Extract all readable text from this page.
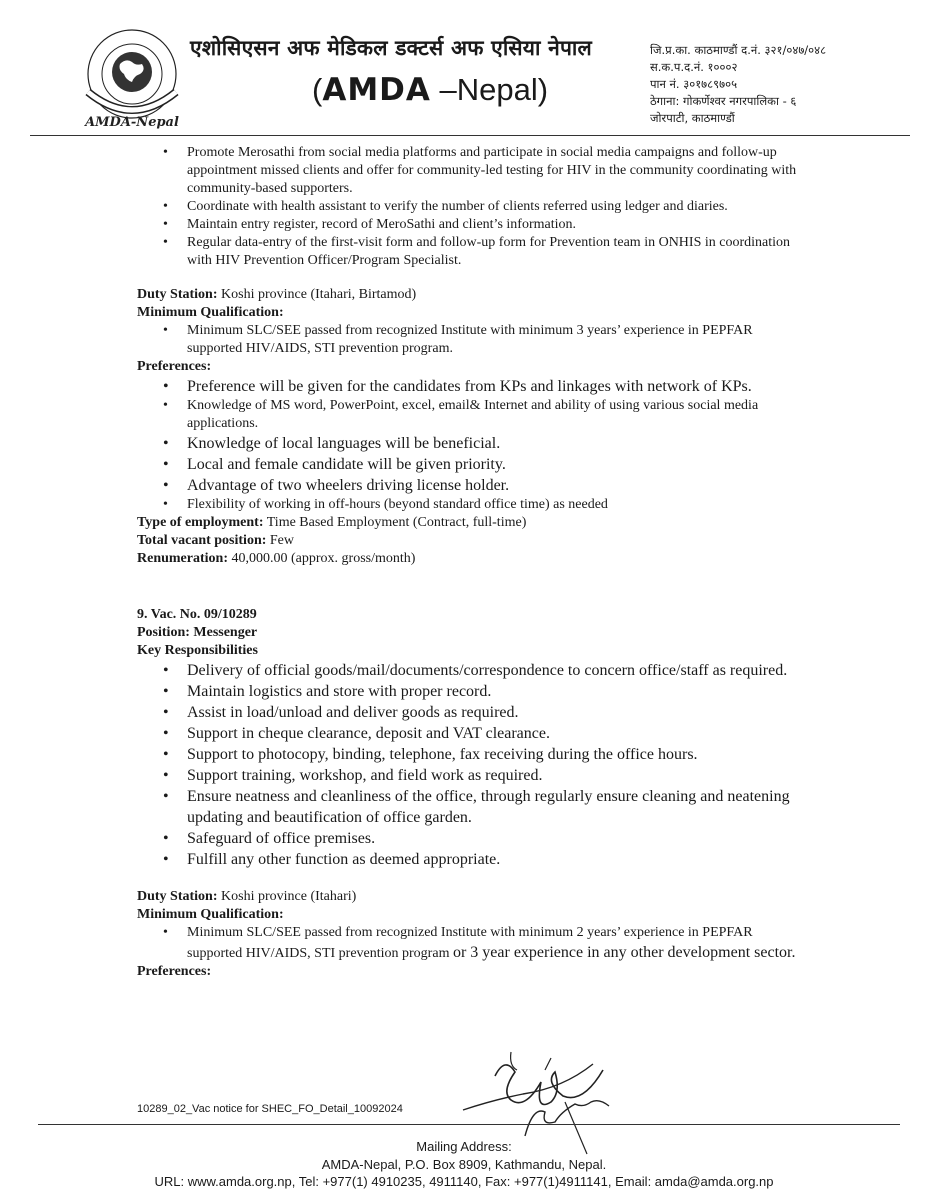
AMDA-Nepal
एशोसिएसन अफ मेडिकल डक्टर्स अफ एसिया नेपाल
(AMDA –Nepal)
जि.प्र.का. काठमाण्डौं द.नं. ३२१/०४७/०४८
स.क.प.द.नं. १०००२
पान नं. ३०१७८९७०५
ठेगाना: गोकर्णेश्वर नगरपालिका - ६
जोरपाटी, काठमाण्डौं
• Promote Merosathi from social media platforms and participate in social media campaigns and follow-up appointment missed clients and offer for community-led testing for HIV in the community coordinating with community-based supporters.
• Coordinate with health assistant to verify the number of clients referred using ledger and diaries.
• Maintain entry register, record of MeroSathi and client’s information.
• Regular data-entry of the first-visit form and follow-up form for Prevention team in ONHIS in coordination with HIV Prevention Officer/Program Specialist.
Duty Station: Koshi province (Itahari, Birtamod)
Minimum Qualification:
• Minimum SLC/SEE passed from recognized Institute with minimum 3 years’ experience in PEPFAR supported HIV/AIDS, STI prevention program.
Preferences:
• Preference will be given for the candidates from KPs and linkages with network of KPs.
• Knowledge of MS word, PowerPoint, excel, email& Internet and ability of using various social media applications.
• Knowledge of local languages will be beneficial.
• Local and female candidate will be given priority.
• Advantage of two wheelers driving license holder.
• Flexibility of working in off-hours (beyond standard office time) as needed
Type of employment: Time Based Employment (Contract, full-time)
Total vacant position: Few
Renumeration: 40,000.00 (approx. gross/month)
9. Vac. No. 09/10289
Position: Messenger
Key Responsibilities
• Delivery of official goods/mail/documents/correspondence to concern office/staff as required.
• Maintain logistics and store with proper record.
• Assist in load/unload and deliver goods as required.
• Support in cheque clearance, deposit and VAT clearance.
• Support to photocopy, binding, telephone, fax receiving during the office hours.
• Support training, workshop, and field work as required.
• Ensure neatness and cleanliness of the office, through regularly ensure cleaning and neatening updating and beautification of office garden.
• Safeguard of office premises.
• Fulfill any other function as deemed appropriate.
Duty Station: Koshi province (Itahari)
Minimum Qualification:
• Minimum SLC/SEE passed from recognized Institute with minimum 2 years’ experience in PEPFAR supported HIV/AIDS, STI prevention program or 3 year experience in any other development sector.
Preferences:
10289_02_Vac notice for SHEC_FO_Detail_10092024
Mailing Address:
AMDA-Nepal, P.O. Box 8909, Kathmandu, Nepal.
URL: www.amda.org.np, Tel: +977(1) 4910235, 4911140, Fax: +977(1)4911141, Email: amda@amda.org.np
